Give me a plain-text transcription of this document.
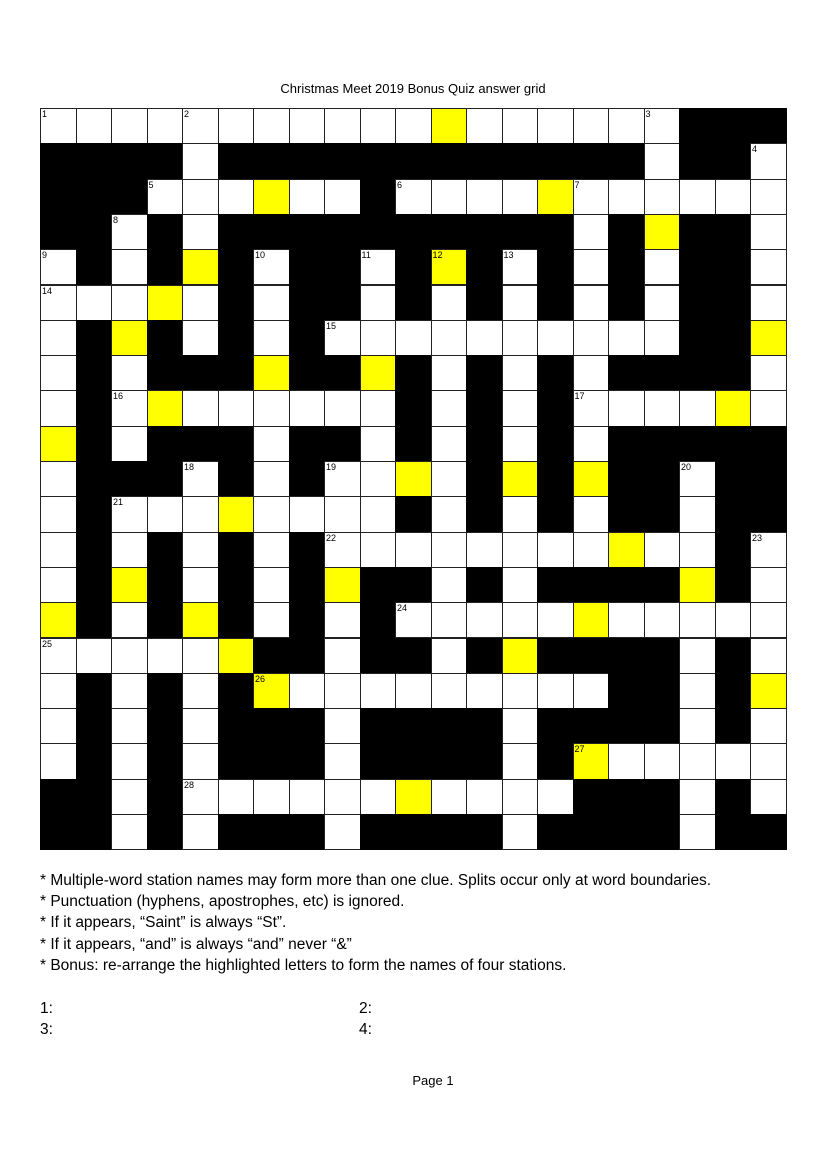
Christmas Meet 2019 Bonus Quiz answer grid
1	2	3
4
5	6	7
8
9	10	11	12	13
14
15
16	17
18	19	20
21
22	23
24
25
26
27
28

* Multiple-word station names may form more than one clue. Splits occur only at word boundaries.

* Punctuation (hyphens, apostrophes, etc) is ignored.

* If it appears, “Saint” is always “St”.

* If it appears, “and” is always “and” never “&”

* Bonus: re-arrange the highlighted letters to form the names of four stations.

1:	2:
3:	4:
Page 1
